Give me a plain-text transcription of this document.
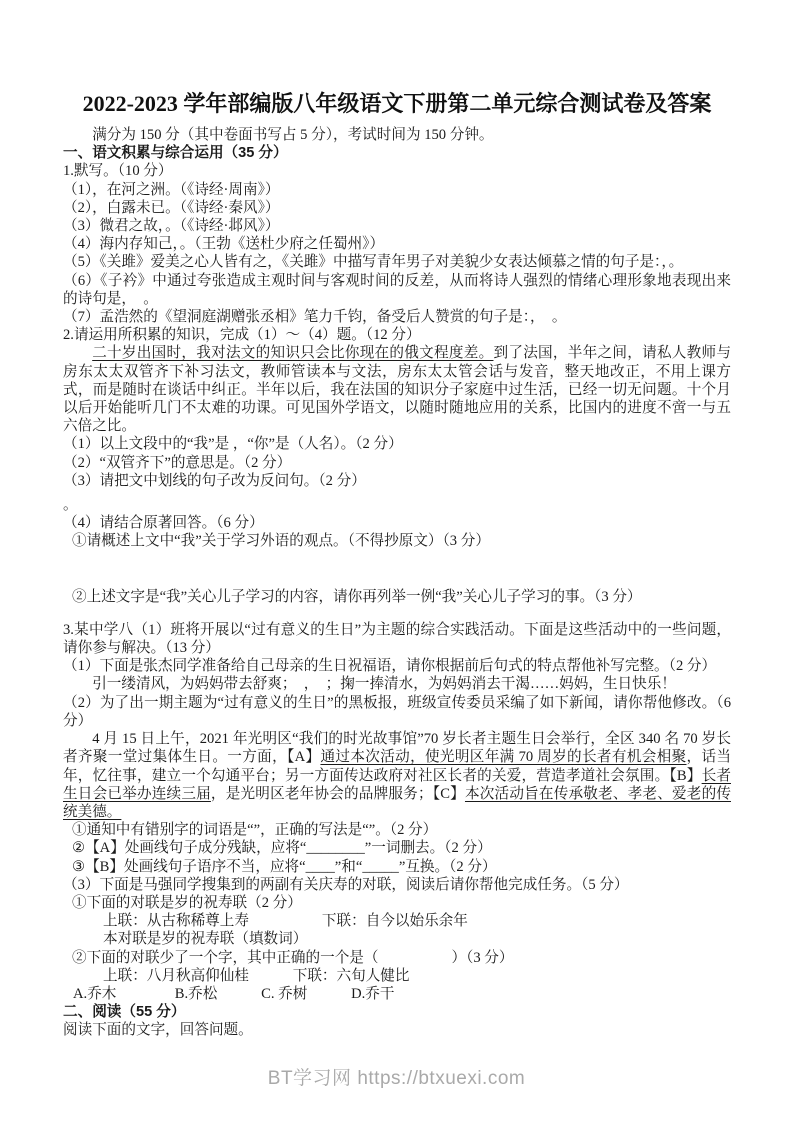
2022-2023 学年部编版八年级语文下册第二单元综合测试卷及答案

满分为 150 分（其中卷面书写占 5 分），考试时间为 150 分钟。

一、语文积累与综合运用（35 分）

1.默写。（10 分）

（1），在河之洲。（《诗经·周南》）

（2），白露未已。（《诗经·秦风》）

（3）微君之故，。（《诗经·邶风》）

（4）海内存知己，。（王勃《送杜少府之任蜀州》）

（5）《关雎》爱美之心人皆有之，《关雎》中描写青年男子对美貌少女表达倾慕之情的句子是：，。

（6）《子衿》中通过夸张造成主观时间与客观时间的反差，从而将诗人强烈的情绪心理形象地表现出来的诗句是，　。

（7）孟浩然的《望洞庭湖赠张丞相》笔力千钧，备受后人赞赏的句子是：，　。

2.请运用所积累的知识，完成（1）～（4）题。（12 分）

二十岁出国时，我对法文的知识只会比你现在的俄文程度差。到了法国，半年之间，请私人教师与房东太太双管齐下补习法文，教师管读本与文法，房东太太管会话与发音，整天地改正，不用上课方式，而是随时在谈话中纠正。半年以后，我在法国的知识分子家庭中过生活，已经一切无问题。十个月以后开始能听几门不太难的功课。可见国外学语文，以随时随地应用的关系，比国内的进度不啻一与五六倍之比。

（1）以上文段中的“我”是 ，“你”是（人名）。（2 分）

（2）“双管齐下”的意思是。（2 分）

（3）请把文中划线的句子改为反问句。（2 分）

。

（4）请结合原著回答。（6 分）

①请概述上文中“我”关于学习外语的观点。（不得抄原文）（3 分）

②上述文字是“我”关心儿子学习的内容，请你再列举一例“我”关心儿子学习的事。（3 分）

3.某中学八（1）班将开展以“过有意义的生日”为主题的综合实践活动。下面是这些活动中的一些问题，请你参与解决。（13 分）

（1）下面是张杰同学准备给自己母亲的生日祝福语，请你根据前后句式的特点帮他补写完整。（2 分）

引一缕清风，为妈妈带去舒爽；　，　；掬一捧清水，为妈妈消去干渴……妈妈，生日快乐！

（2）为了出一期主题为“过有意义的生日”的黑板报，班级宣传委员采编了如下新闻，请你帮他修改。（6 分）

4 月 15 日上午，2021 年光明区“我们的时光故事馆”70 岁长者主题生日会举行，全区 340 名 70 岁长者齐聚一堂过集体生日。一方面，【A】通过本次活动，使光明区年满 70 周岁的长者有机会相聚，话当年，忆往事，建立一个勾通平台；另一方面传达政府对社区长者的关爱，营造孝道社会氛围。【B】长者生日会已举办连续三届，是光明区老年协会的品牌服务；【C】本次活动旨在传承敬老、孝老、爱老的传统美德。

①通知中有错别字的词语是“”，正确的写法是“”。（2 分）

②【A】处画线句子成分残缺，应将“________”一词删去。（2 分）

③【B】处画线句子语序不当，应将“____”和“_____”互换。（2 分）

（3）下面是马强同学搜集到的两副有关庆寿的对联，阅读后请你帮他完成任务。（5 分）

①下面的对联是岁的祝寿联（2 分）

上联：从古称稀尊上寿　　　　　下联：自今以始乐余年

本对联是岁的祝寿联（填数词）

②下面的对联少了一个字，其中正确的一个是（　　　　　）（3 分）

上联：八月秋高仰仙桂　　　下联：六旬人健比

A.乔木　　　　B.乔松　　　C. 乔树　　　D.乔干

二、阅读（55 分）

阅读下面的文字，回答问题。

BT学习网 https://btxuexi.com
